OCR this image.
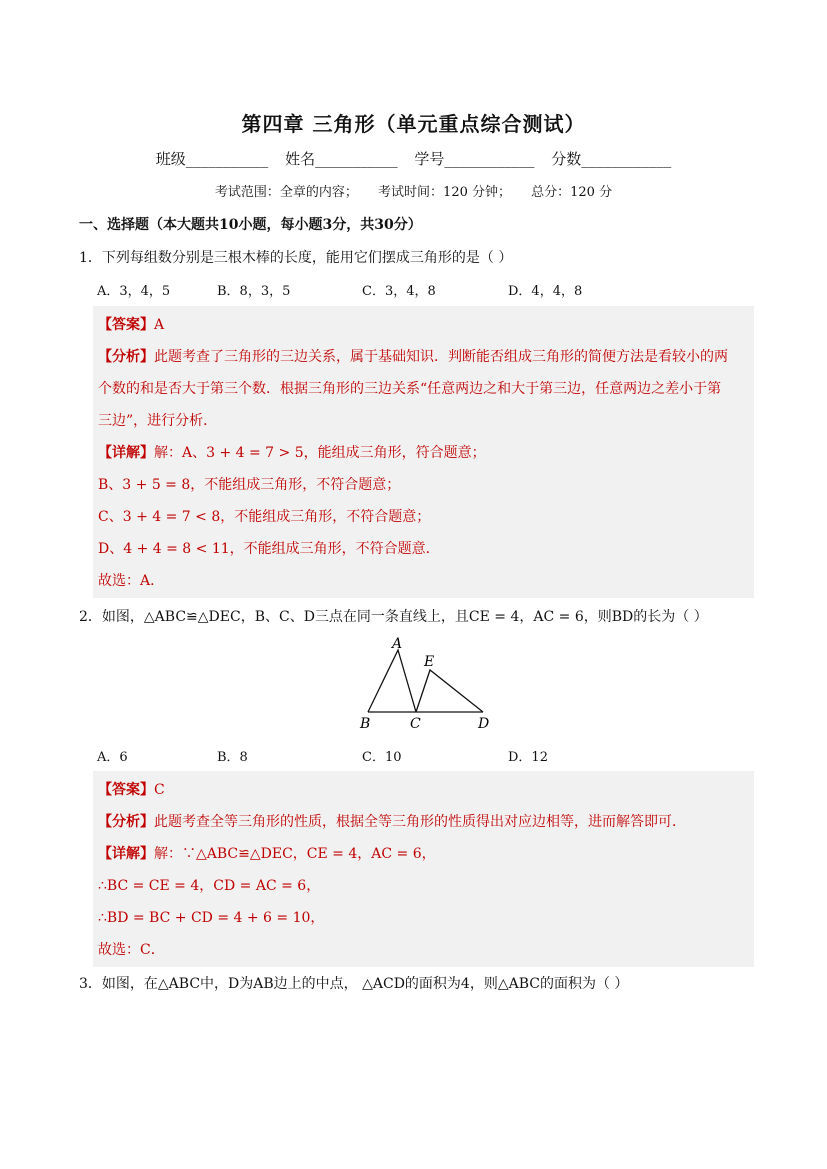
第四章 三角形（单元重点综合测试）
班级___________ 姓名___________ 学号____________ 分数____________
考试范围：全章的内容； 考试时间：120 分钟； 总分：120 分
一、选择题（本大题共10小题，每小题3分，共30分）
1．下列每组数分别是三根木棒的长度，能用它们摆成三角形的是（ ）
A．3，4，5	B．8，3，5	C．3，4，8	D．4，4，8
【答案】A
【分析】此题考查了三角形的三边关系，属于基础知识．判断能否组成三角形的简便方法是看较小的两
个数的和是否大于第三个数．根据三角形的三边关系“任意两边之和大于第三边，任意两边之差小于第
三边”，进行分析．
【详解】解：A、3 + 4 = 7 > 5，能组成三角形，符合题意；
B、3 + 5 = 8，不能组成三角形，不符合题意；
C、3 + 4 = 7 < 8，不能组成三角形，不符合题意；
D、4 + 4 = 8 < 11，不能组成三角形，不符合题意．
故选：A．
2．如图，△ABC≌△DEC，B、C、D三点在同一条直线上，且CE = 4，AC = 6，则BD的长为（ ）
A
E
B	C	D
A．6	B．8	C．10	D．12
【答案】C
【分析】此题考查全等三角形的性质，根据全等三角形的性质得出对应边相等，进而解答即可．
【详解】解：∵△ABC≌△DEC，CE = 4，AC = 6，
∴BC = CE = 4，CD = AC = 6，
∴BD = BC + CD = 4 + 6 = 10，
故选：C．
3．如图，在△ABC中，D为AB边上的中点， △ACD的面积为4，则△ABC的面积为（ ）
